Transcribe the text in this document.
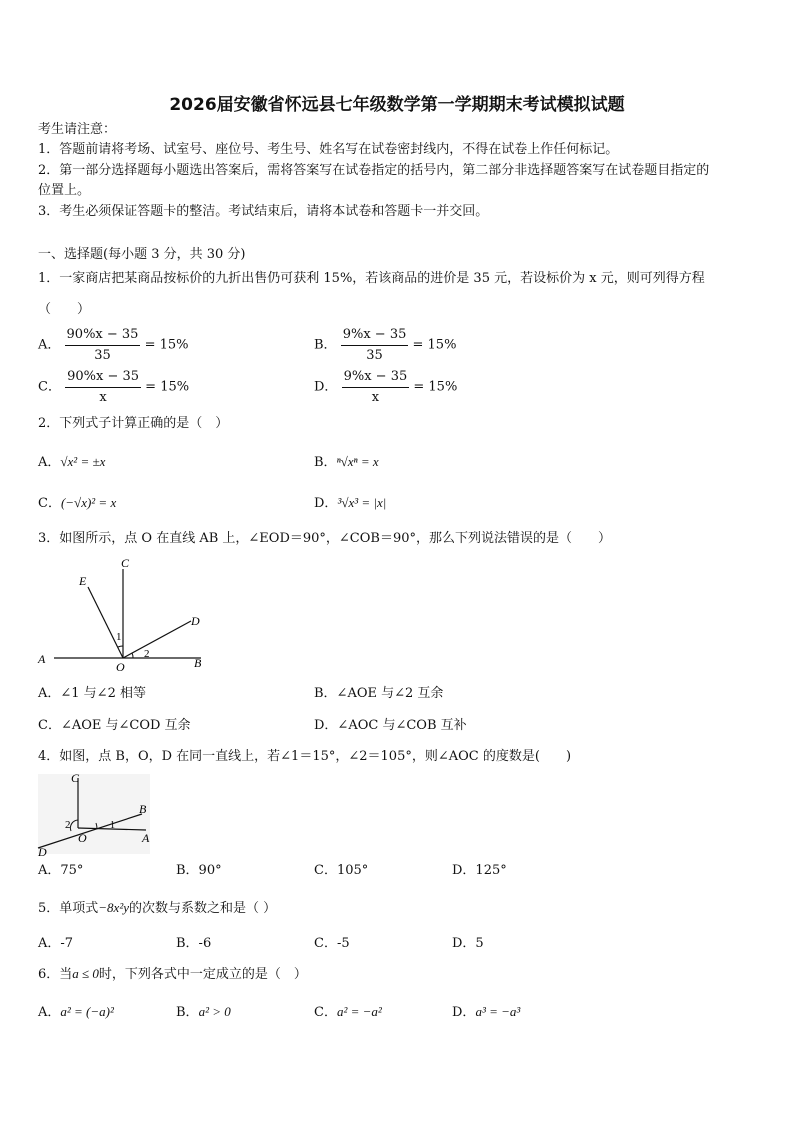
2026届安徽省怀远县七年级数学第一学期期末考试模拟试题
考生请注意：
1．答题前请将考场、试室号、座位号、考生号、姓名写在试卷密封线内，不得在试卷上作任何标记。
2．第一部分选择题每小题选出答案后，需将答案写在试卷指定的括号内，第二部分非选择题答案写在试卷题目指定的
位置上。
3．考生必须保证答题卡的整洁。考试结束后，请将本试卷和答题卡一并交回。
一、选择题(每小题 3 分，共 30 分)
1．一家商店把某商品按标价的九折出售仍可获利 15%，若该商品的进价是 35 元，若设标价为 x 元，则可列得方程
（　　）
A． $\frac{90\%x - 35}{35} = 15\%$	B． $\frac{9\%x - 35}{35} = 15\%$
C． $\frac{90\%x - 35}{x} = 15\%$	D． $\frac{9\%x - 35}{x} = 15\%$
2．下列式子计算正确的是（　）
A．√x² = ±x	B．ⁿ√xⁿ = x
C．(−√x)² = x	D．³√x³ = |x|
3．如图所示，点 O 在直线 AB 上，∠EOD＝90°，∠COB＝90°，那么下列说法错误的是（　　）
C
E
D
1
2
A
O	B
A．∠1 与∠2 相等	B．∠AOE 与∠2 互余
C．∠AOE 与∠COD 互余	D．∠AOC 与∠COB 互补
4．如图，点 B，O，D 在同一直线上，若∠1＝15°，∠2＝105°，则∠AOC 的度数是(　　)
C
B
2	1
O	A
D
A．75°	B．90°	C．105°	D．125°
5．单项式−8x²y的次数与系数之和是（ ）
A．-7	B．-6	C．-5	D．5
6．当a ≤ 0时，下列各式中一定成立的是（　）
A．a² = (−a)²	B．a² > 0	C．a² = −a²	D．a³ = −a³
